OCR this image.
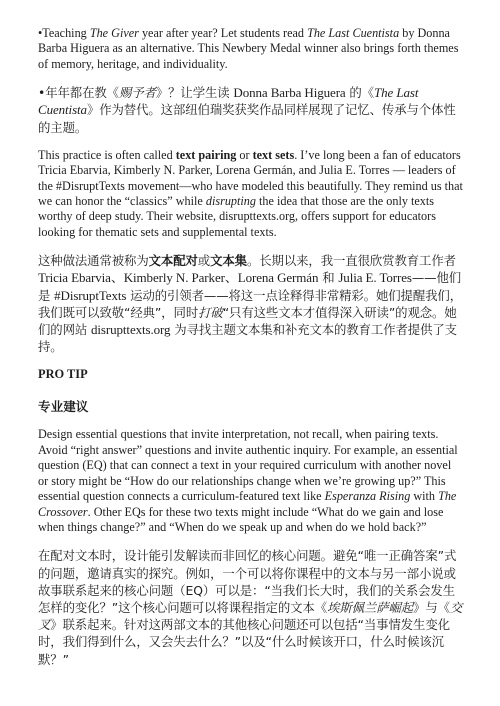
•Teaching The Giver year after year? Let students read The Last Cuentista by Donna Barba Higuera as an alternative. This Newbery Medal winner also brings forth themes of memory, heritage, and individuality.

•年年都在教《赐予者》？让学生读 Donna Barba Higuera 的《The Last Cuentista》作为替代。这部纽伯瑞奖获奖作品同样展现了记忆、传承与个体性的主题。

This practice is often called text pairing or text sets. I’ve long been a fan of educators Tricia Ebarvia, Kimberly N. Parker, Lorena Germán, and Julia E. Torres — leaders of the #DisruptTexts movement—who have modeled this beautifully. They remind us that we can honor the “classics” while disrupting the idea that those are the only texts worthy of deep study. Their website, disrupttexts.org, offers support for educators looking for thematic sets and supplemental texts.

这种做法通常被称为文本配对或文本集。长期以来，我一直很欣赏教育工作者 Tricia Ebarvia、Kimberly N. Parker、Lorena Germán 和 Julia E. Torres——他们是 #DisruptTexts 运动的引领者——将这一点诠释得非常精彩。她们提醒我们，我们既可以致敬“经典”，同时打破“只有这些文本才值得深入研读”的观念。她们的网站 disrupttexts.org 为寻找主题文本集和补充文本的教育工作者提供了支持。

PRO TIP

专业建议

Design essential questions that invite interpretation, not recall, when pairing texts. Avoid “right answer” questions and invite authentic inquiry. For example, an essential question (EQ) that can connect a text in your required curriculum with another novel or story might be “How do our relationships change when we’re growing up?” This essential question connects a curriculum-featured text like Esperanza Rising with The Crossover. Other EQs for these two texts might include “What do we gain and lose when things change?” and “When do we speak up and when do we hold back?”

在配对文本时，设计能引发解读而非回忆的核心问题。避免“唯一正确答案”式的问题，邀请真实的探究。例如，一个可以将你课程中的文本与另一部小说或故事联系起来的核心问题（EQ）可以是：“当我们长大时，我们的关系会发生怎样的变化？”这个核心问题可以将课程指定的文本《埃斯佩兰萨崛起》与《交叉》联系起来。针对这两部文本的其他核心问题还可以包括“当事情发生变化时，我们得到什么，又会失去什么？”以及“什么时候该开口，什么时候该沉默？”
